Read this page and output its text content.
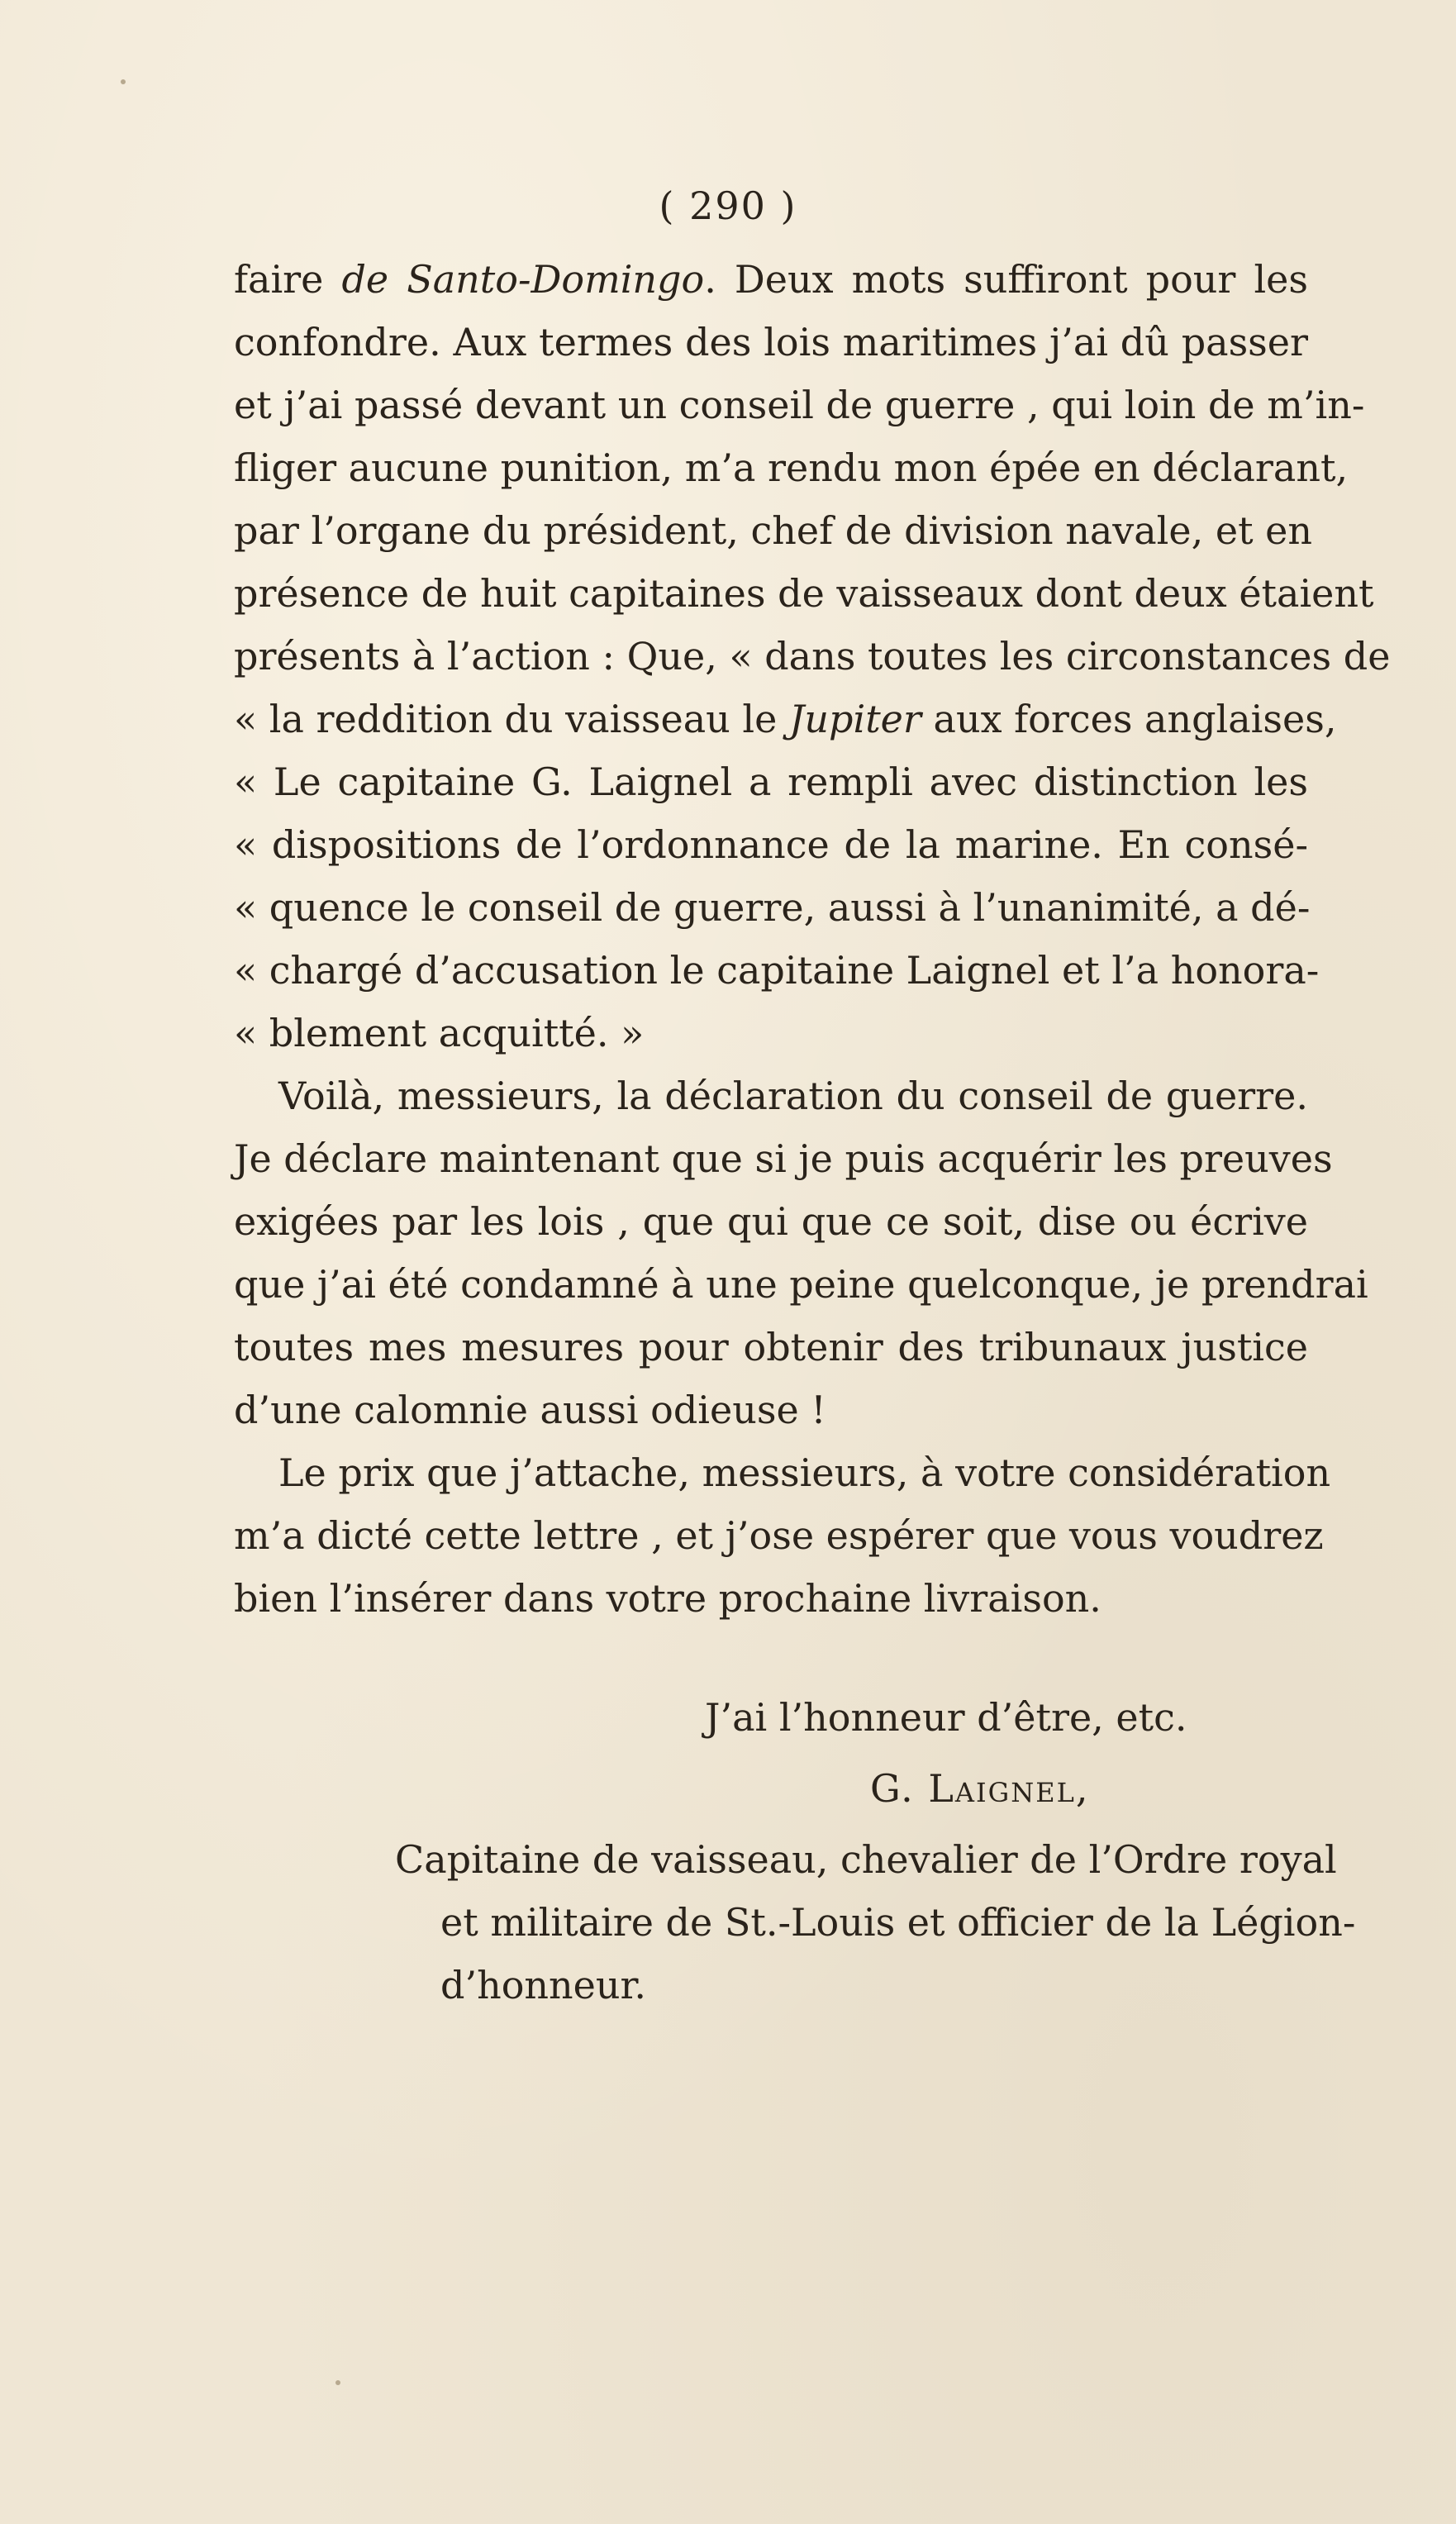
( 290 )
faire de Santo-Domingo. Deux mots suffiront pour les
confondre. Aux termes des lois maritimes j’ai dû passer
et j’ai passé devant un conseil de guerre , qui loin de m’in-
fliger aucune punition, m’a rendu mon épée en déclarant,
par l’organe du président, chef de division navale, et en
présence de huit capitaines de vaisseaux dont deux étaient
présents à l’action : Que, « dans toutes les circonstances de
« la reddition du vaisseau le Jupiter aux forces anglaises,
« Le capitaine G. Laignel a rempli avec distinction les
« dispositions de l’ordonnance de la marine. En consé-
« quence le conseil de guerre, aussi à l’unanimité, a dé-
« chargé d’accusation le capitaine Laignel et l’a honora-
« blement acquitté. »
Voilà, messieurs, la déclaration du conseil de guerre.
Je déclare maintenant que si je puis acquérir les preuves
exigées par les lois , que qui que ce soit, dise ou écrive
que j’ai été condamné à une peine quelconque, je prendrai
toutes mes mesures pour obtenir des tribunaux justice
d’une calomnie aussi odieuse !
Le prix que j’attache, messieurs, à votre considération
m’a dicté cette lettre , et j’ose espérer que vous voudrez
bien l’insérer dans votre prochaine livraison.
J’ai l’honneur d’être, etc.
G. Laignel,
Capitaine de vaisseau, chevalier de l’Ordre royal
et militaire de St.-Louis et officier de la Légion-
d’honneur.
